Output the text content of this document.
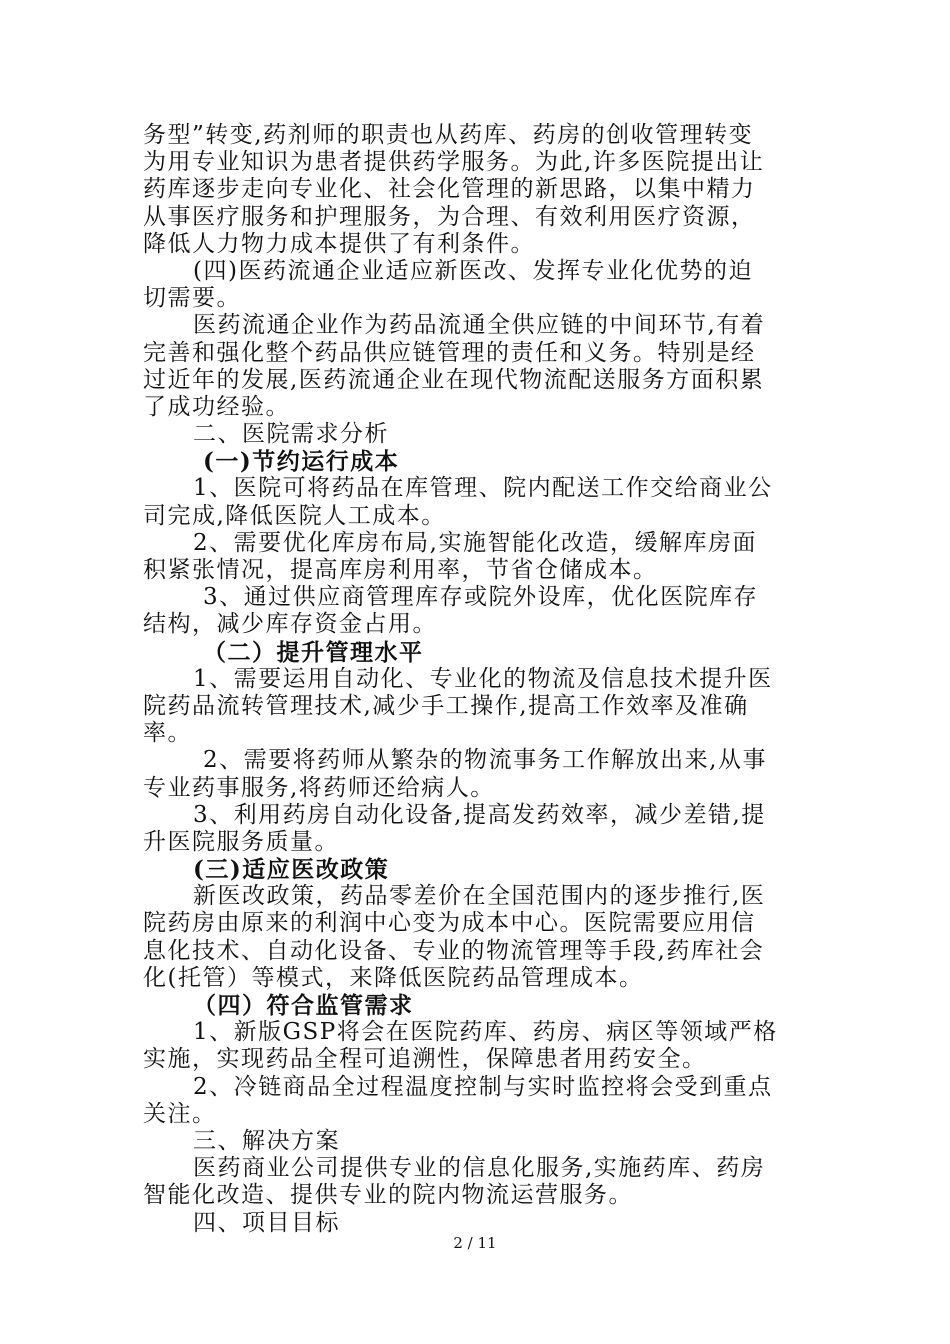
务型”转变,药剂师的职责也从药库、药房的创收管理转变
为用专业知识为患者提供药学服务。为此,许多医院提出让
药库逐步走向专业化、社会化管理的新思路，以集中精力
从事医疗服务和护理服务，为合理、有效利用医疗资源，
降低人力物力成本提供了有利条件。
(四)医药流通企业适应新医改、发挥专业化优势的迫
切需要。
医药流通企业作为药品流通全供应链的中间环节,有着
完善和强化整个药品供应链管理的责任和义务。特别是经
过近年的发展,医药流通企业在现代物流配送服务方面积累
了成功经验。
二、医院需求分析
(一)节约运行成本
1、医院可将药品在库管理、院内配送工作交给商业公
司完成,降低医院人工成本。
2、需要优化库房布局,实施智能化改造，缓解库房面
积紧张情况，提高库房利用率，节省仓储成本。
3、通过供应商管理库存或院外设库，优化医院库存
结构，减少库存资金占用。
（二）提升管理水平
1、需要运用自动化、专业化的物流及信息技术提升医
院药品流转管理技术,减少手工操作,提高工作效率及准确
率。
2、需要将药师从繁杂的物流事务工作解放出来,从事
专业药事服务,将药师还给病人。
3、利用药房自动化设备,提高发药效率，减少差错,提
升医院服务质量。
(三)适应医改政策
新医改政策，药品零差价在全国范围内的逐步推行,医
院药房由原来的利润中心变为成本中心。医院需要应用信
息化技术、自动化设备、专业的物流管理等手段,药库社会
化(托管）等模式，来降低医院药品管理成本。
（四）符合监管需求
1、新版GSP将会在医院药库、药房、病区等领域严格
实施，实现药品全程可追溯性，保障患者用药安全。
2、冷链商品全过程温度控制与实时监控将会受到重点
关注。
三、解决方案
医药商业公司提供专业的信息化服务,实施药库、药房
智能化改造、提供专业的院内物流运营服务。
四、项目目标
2 / 11
